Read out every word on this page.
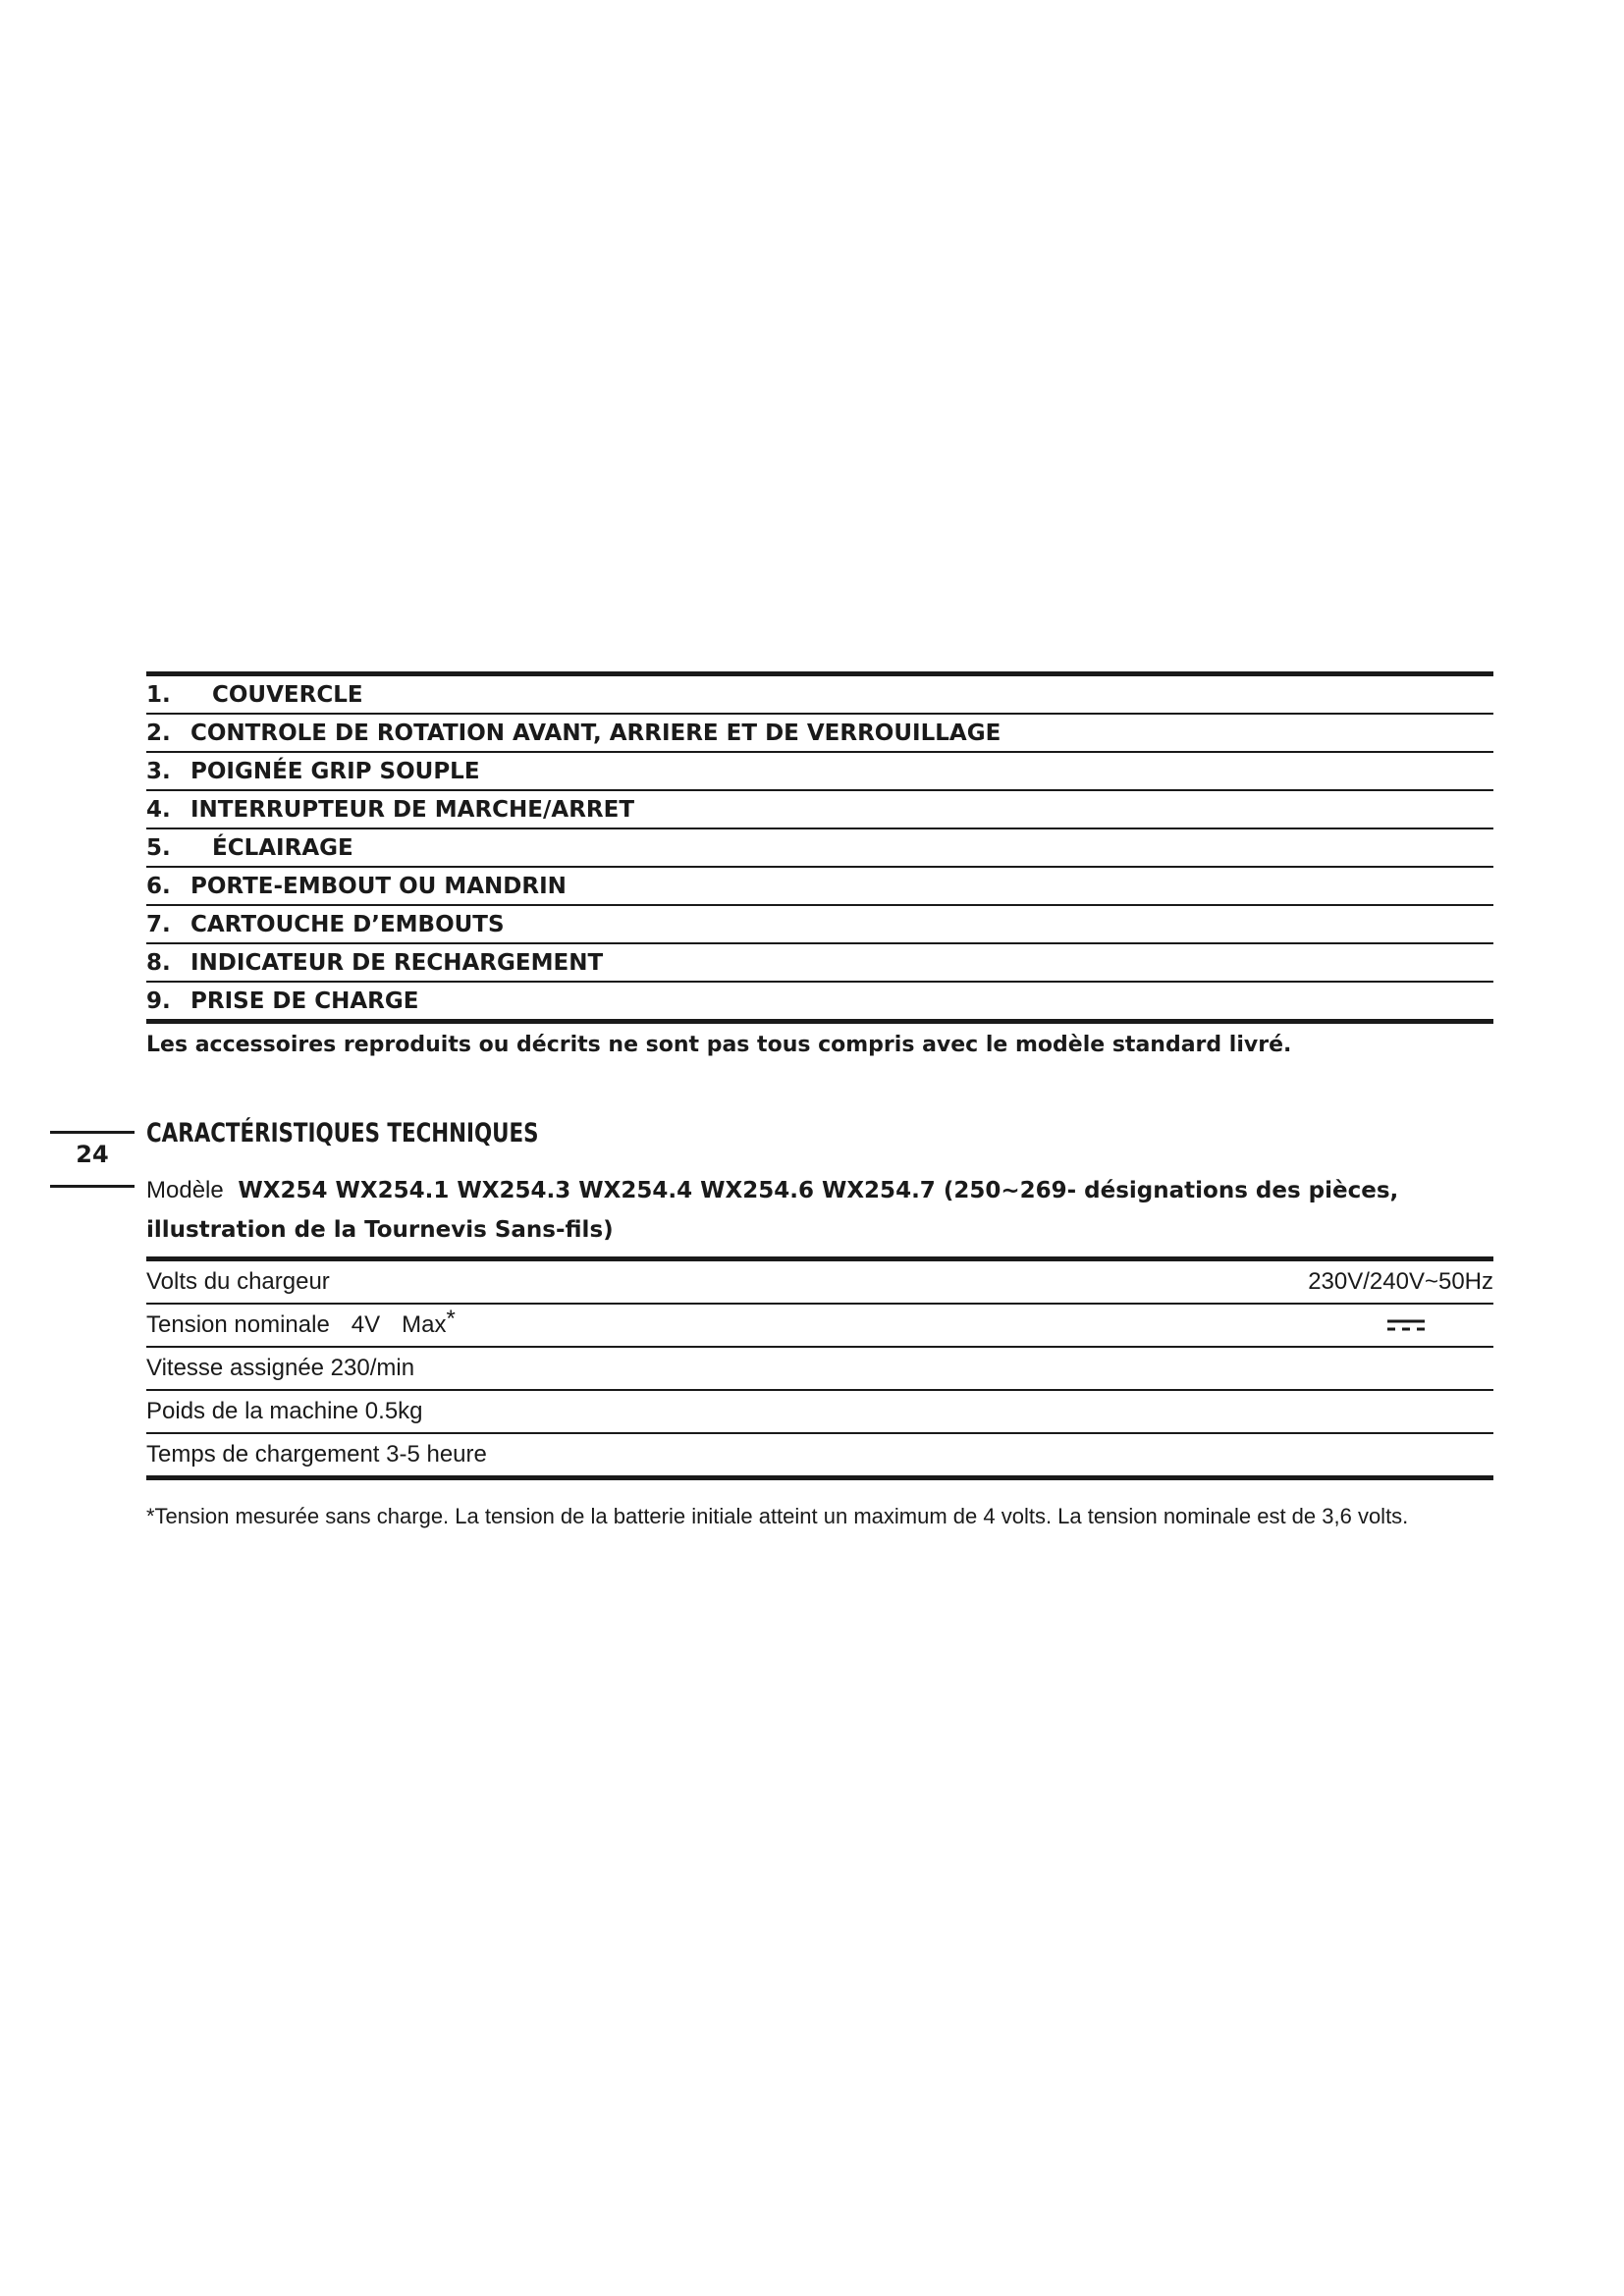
1. COUVERCLE
2. CONTROLE DE ROTATION AVANT, ARRIERE ET DE VERROUILLAGE
3. POIGNÉE GRIP SOUPLE
4. INTERRUPTEUR DE MARCHE/ARRET
5. ÉCLAIRAGE
6. PORTE-EMBOUT OU MANDRIN
7. CARTOUCHE D’EMBOUTS
8. INDICATEUR DE RECHARGEMENT
9. PRISE DE CHARGE
Les accessoires reproduits ou décrits ne sont pas tous compris avec le modèle standard livré.
24
CARACTÉRISTIQUES TECHNIQUES
Modèle WX254 WX254.1 WX254.3 WX254.4 WX254.6 WX254.7 (250~269- désignations des pièces, illustration de la Tournevis Sans-fils)
Volts du chargeur	230V/240V~50Hz
Tension nominale 4V Max*
Vitesse assignée 230/min
Poids de la machine 0.5kg
Temps de chargement 3-5 heure
*Tension mesurée sans charge. La tension de la batterie initiale atteint un maximum de 4 volts. La tension nominale est de 3,6 volts.
